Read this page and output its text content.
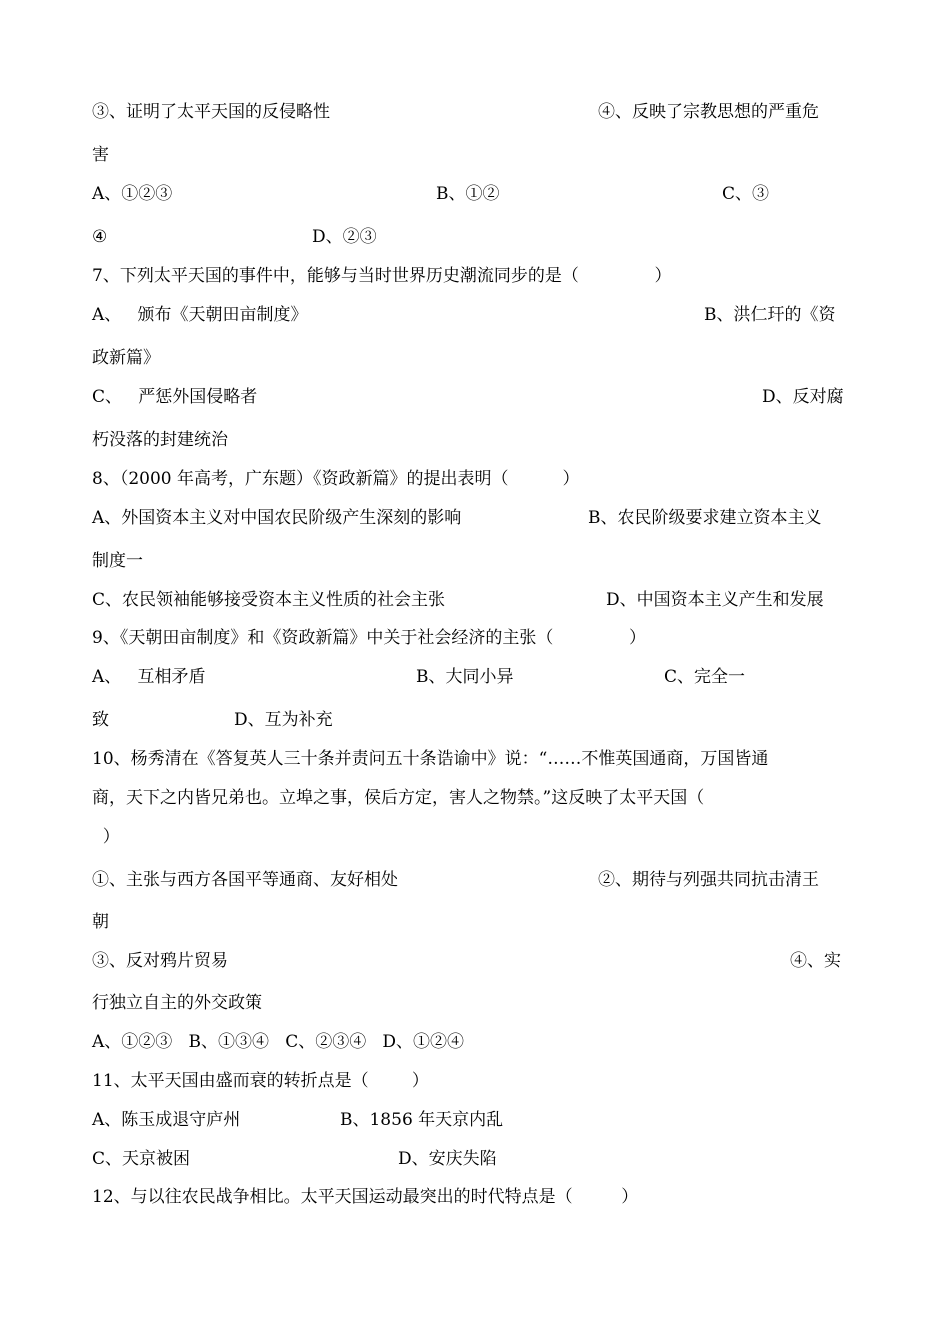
③、证明了太平天国的反侵略性	④、反映了宗教思想的严重危
害
A、①②③	B、①②	C、③
④	D、②③
7、下列太平天国的事件中，能够与当时世界历史潮流同步的是（              ）
A、   颁布《天朝田亩制度》	B、洪仁玕的《资
政新篇》
C、   严惩外国侵略者	D、反对腐
朽没落的封建统治
8、（2000 年高考，广东题）《资政新篇》的提出表明（          ）
A、外国资本主义对中国农民阶级产生深刻的影响	B、农民阶级要求建立资本主义
制度一
C、农民领袖能够接受资本主义性质的社会主张	D、中国资本主义产生和发展
9、《天朝田亩制度》和《资政新篇》中关于社会经济的主张（              ）
A、   互相矛盾	B、大同小异	C、完全一
致	D、互为补充
10、杨秀清在《答复英人三十条并责问五十条诰谕中》说：“……不惟英国通商，万国皆通
商，天下之内皆兄弟也。立埠之事，侯后方定，害人之物禁。”这反映了太平天国（
）
①、主张与西方各国平等通商、友好相处	②、期待与列强共同抗击清王
朝
③、反对鸦片贸易	④、实
行独立自主的外交政策
A、①②③   B、①③④   C、②③④   D、①②④
11、太平天国由盛而衰的转折点是（        ）
A、陈玉成退守庐州	B、1856 年天京内乱
C、天京被困	D、安庆失陷
12、与以往农民战争相比。太平天国运动最突出的时代特点是（         ）
